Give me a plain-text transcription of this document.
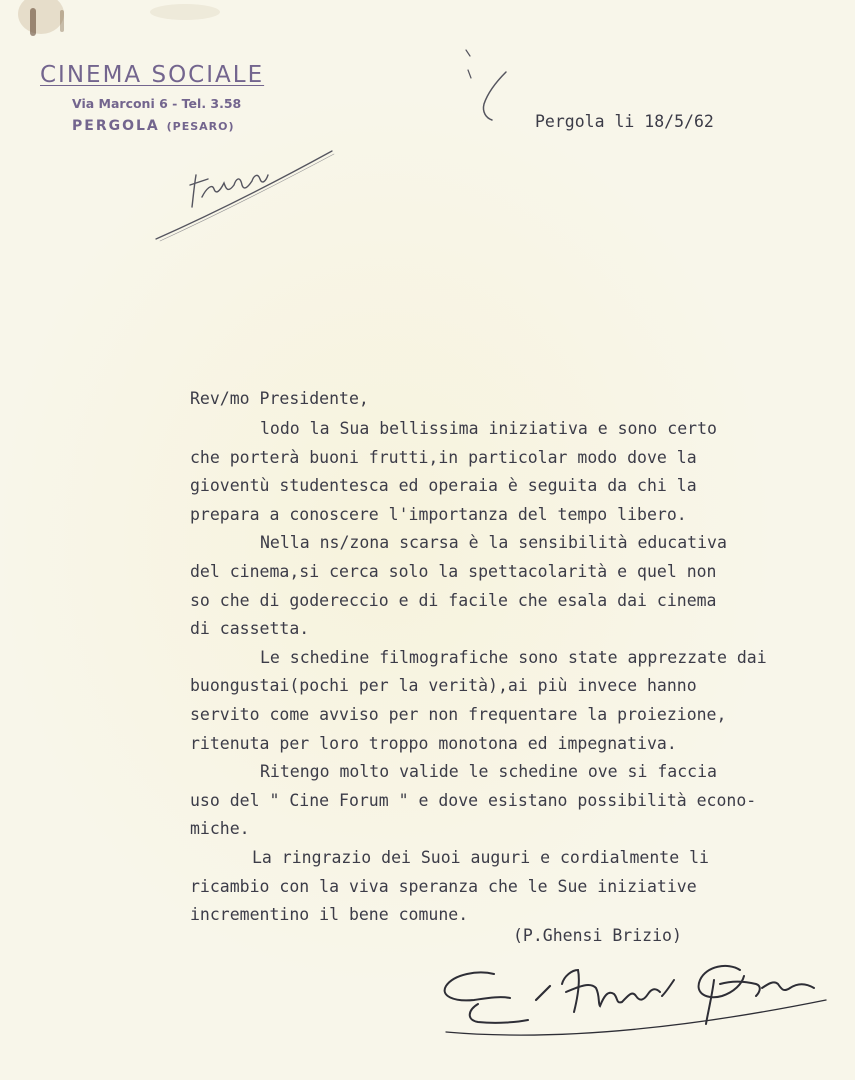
CINEMA SOCIALE
Via Marconi 6 - Tel. 3.58
PERGOLA (PESARO)	Pergola li 18/5/62
Rev/mo Presidente,
lodo la Sua bellissima iniziativa e sono certo
che porterà buoni frutti,in particolar modo dove la
gioventù studentesca ed operaia è seguita da chi la
prepara a conoscere l'importanza del tempo libero.
Nella ns/zona scarsa è la sensibilità educativa
del cinema,si cerca solo la spettacolarità e quel non
so che di godereccio e di facile che esala dai cinema
di cassetta.
Le schedine filmografiche sono state apprezzate dai
buongustai(pochi per la verità),ai più invece hanno
servito come avviso per non frequentare la proiezione,
ritenuta per loro troppo monotona ed impegnativa.
Ritengo molto valide le schedine ove si faccia
uso del " Cine Forum " e dove esistano possibilità econo-
miche.
La ringrazio dei Suoi auguri e cordialmente li
ricambio con la viva speranza che le Sue iniziative
incrementino il bene comune.
(P.Ghensi Brizio)
